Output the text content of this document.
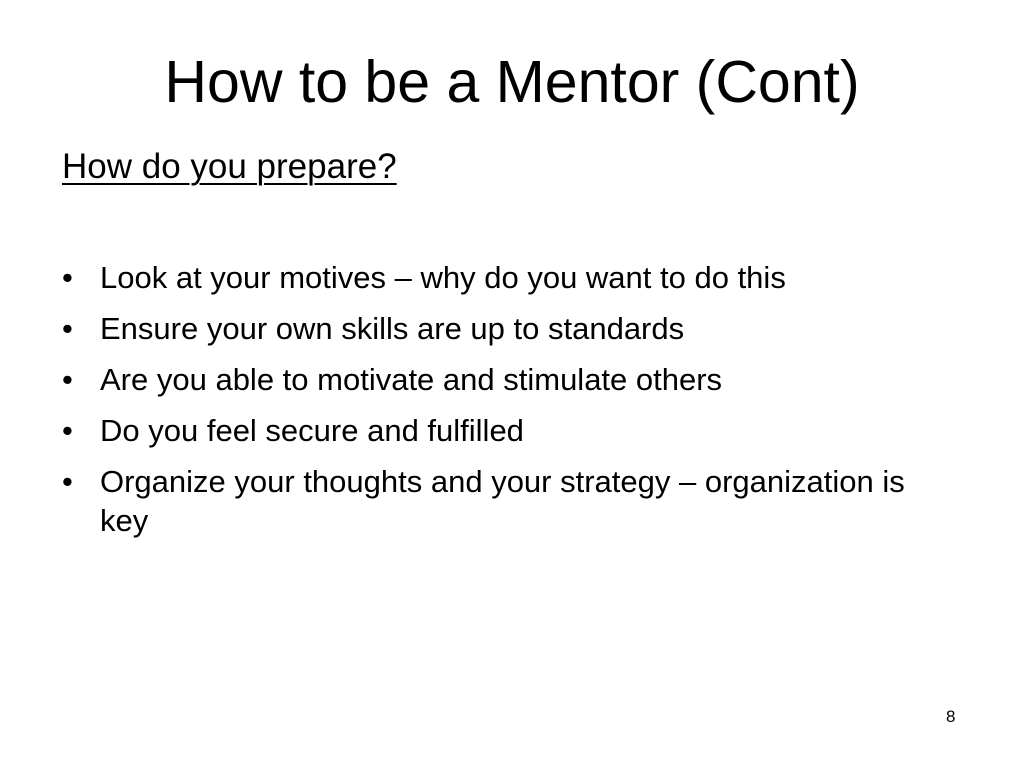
How to be a Mentor (Cont)
How do you prepare?
• Look at your motives – why do you want to do this
• Ensure your own skills are up to standards
• Are you able to motivate and stimulate others
• Do you feel secure and fulfilled
• Organize your thoughts and your strategy – organization is key
8
